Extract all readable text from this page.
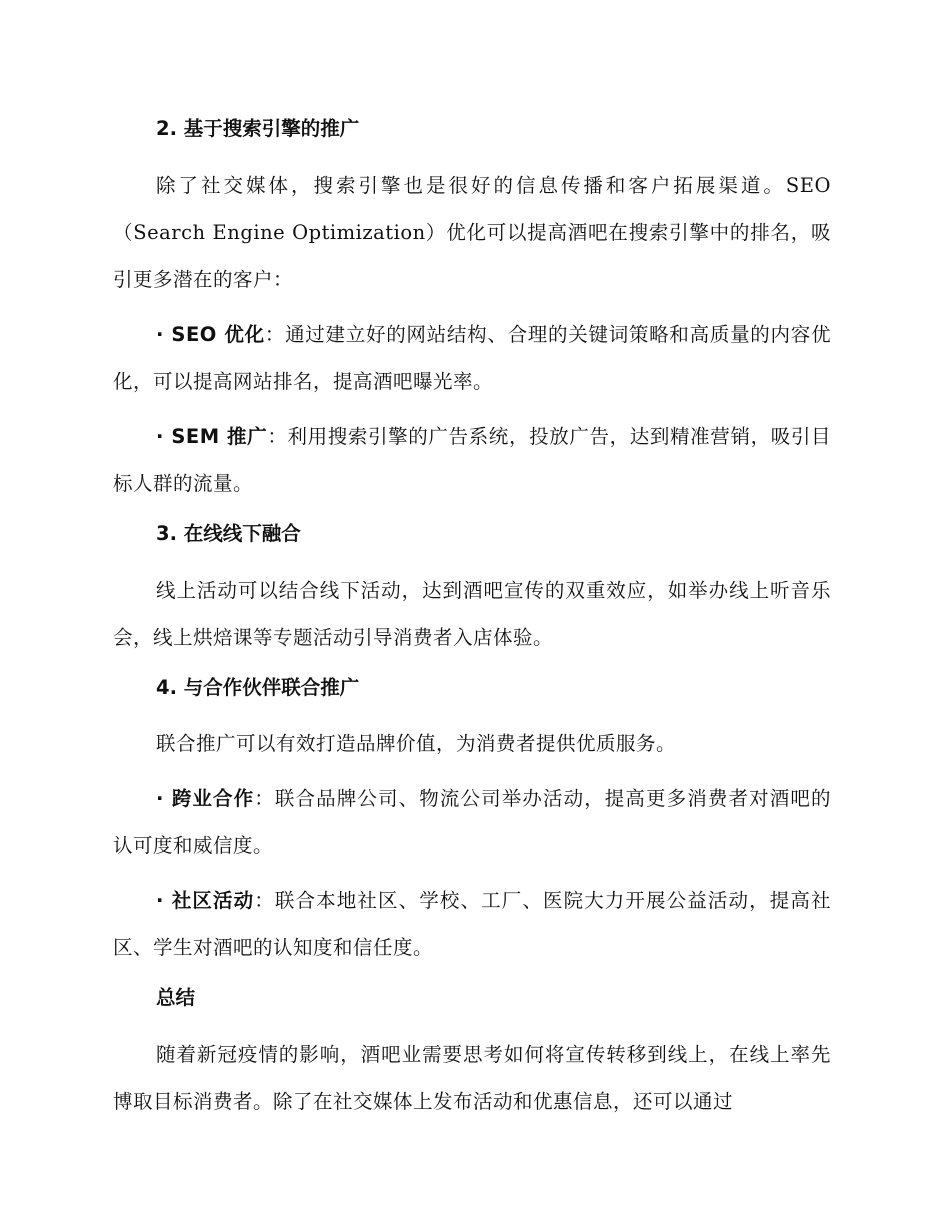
2. 基于搜索引擎的推广

除了社交媒体，搜索引擎也是很好的信息传播和客户拓展渠道。SEO（Search Engine Optimization）优化可以提高酒吧在搜索引擎中的排名，吸引更多潜在的客户：

· SEO 优化：通过建立好的网站结构、合理的关键词策略和高质量的内容优化，可以提高网站排名，提高酒吧曝光率。

· SEM 推广：利用搜索引擎的广告系统，投放广告，达到精准营销，吸引目标人群的流量。

3. 在线线下融合

线上活动可以结合线下活动，达到酒吧宣传的双重效应，如举办线上听音乐会，线上烘焙课等专题活动引导消费者入店体验。

4. 与合作伙伴联合推广

联合推广可以有效打造品牌价值，为消费者提供优质服务。

· 跨业合作：联合品牌公司、物流公司举办活动，提高更多消费者对酒吧的认可度和威信度。

· 社区活动：联合本地社区、学校、工厂、医院大力开展公益活动，提高社区、学生对酒吧的认知度和信任度。

总结

随着新冠疫情的影响，酒吧业需要思考如何将宣传转移到线上，在线上率先博取目标消费者。除了在社交媒体上发布活动和优惠信息，还可以通过
